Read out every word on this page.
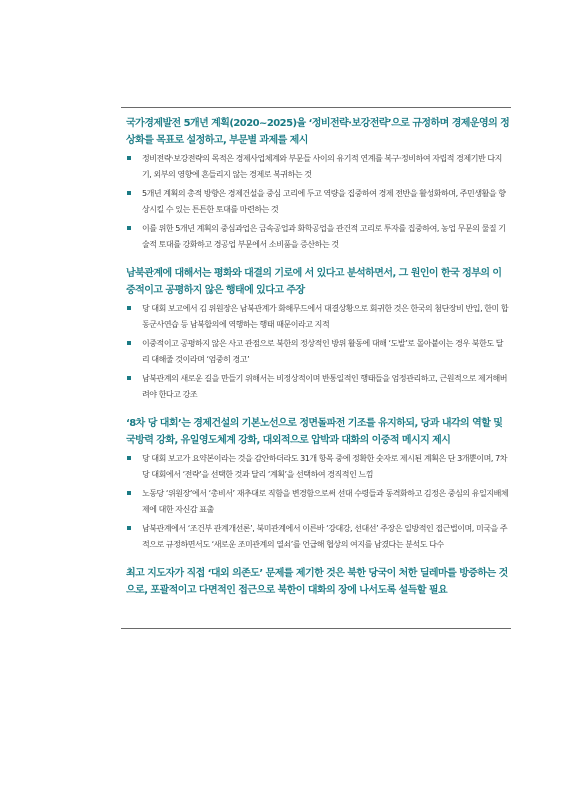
국가경제발전 5개년 계획(2020~2025)을 ‘정비전략·보강전략’으로 규정하며 경제운영의 정상화를 목표로 설정하고, 부문별 과제를 제시
정비전략·보강전략의 목적은 경제사업체계와 부문들 사이의 유기적 연계를 복구·정비하여 자립적 경제기반 다지기, 외부의 영향에 흔들리지 않는 경제로 복귀하는 것
5개년 계획의 총적 방향은 경제건설을 중심 고리에 두고 역량을 집중하여 경제 전반을 활성화하며, 주민생활을 향상시킬 수 있는 튼튼한 토대를 마련하는 것
이를 위한 5개년 계획의 중심과업은 금속공업과 화학공업을 관건적 고리로 투자를 집중하여, 농업 무문의 물질 기술적 토대를 강화하고 경공업 부문에서 소비품을 증산하는 것
남북관계에 대해서는 평화와 대결의 기로에 서 있다고 분석하면서, 그 원인이 한국 정부의 이중적이고 공평하지 않은 행태에 있다고 주장
당 대회 보고에서 김 위원장은 남북관계가 화해무드에서 대결상황으로 회귀한 것은 한국의 첨단장비 반입, 한미 합동군사연습 등 남북합의에 역행하는 행태 때문이라고 지적
이중적이고 공평하지 않은 사고 관점으로 북한의 정상적인 방위 활동에 대해 ‘도발’로 몰아붙이는 경우 북한도 달리 대해줄 것이라며 ‘엄중히 경고’
남북관계의 새로운 길을 만들기 위해서는 비정상적이며 반통일적인 행태들을 엄정관리하고, 근원적으로 제거해버려야 한다고 강조
‘8차 당 대회’는 경제건설의 기본노선으로 정면돌파전 기조를 유지하되, 당과 내각의 역할 및 국방력 강화, 유일영도체계 강화, 대외적으로 압박과 대화의 이중적 메시지 제시
당 대회 보고가 요약본이라는 것을 감안하더라도 31개 항목 중에 정확한 숫자로 제시된 계획은 단 3개뿐이며, 7차 당 대회에서 ‘전략’을 선택한 것과 달리 ‘계획’을 선택하여 경직적인 느낌
노동당 ‘위원장’에서 ‘총비서’ 재추대로 직함을 변경함으로써 선대 수령들과 동격화하고 김정은 중심의 유일지배체제에 대한 자신감 표출
남북관계에서 ‘조건부 관계개선론’, 북미관계에서 이른바 ‘강대강, 선대선’ 주장은 일방적인 접근법이며, 미국을 주적으로 규정하면서도 ‘새로운 조미관계의 열쇠’를 언급해 협상의 여지를 남겼다는 분석도 다수
최고 지도자가 직접 ‘대외 의존도’ 문제를 제기한 것은 북한 당국이 처한 딜레마를 방증하는 것으로, 포괄적이고 다면적인 접근으로 북한이 대화의 장에 나서도록 설득할 필요
